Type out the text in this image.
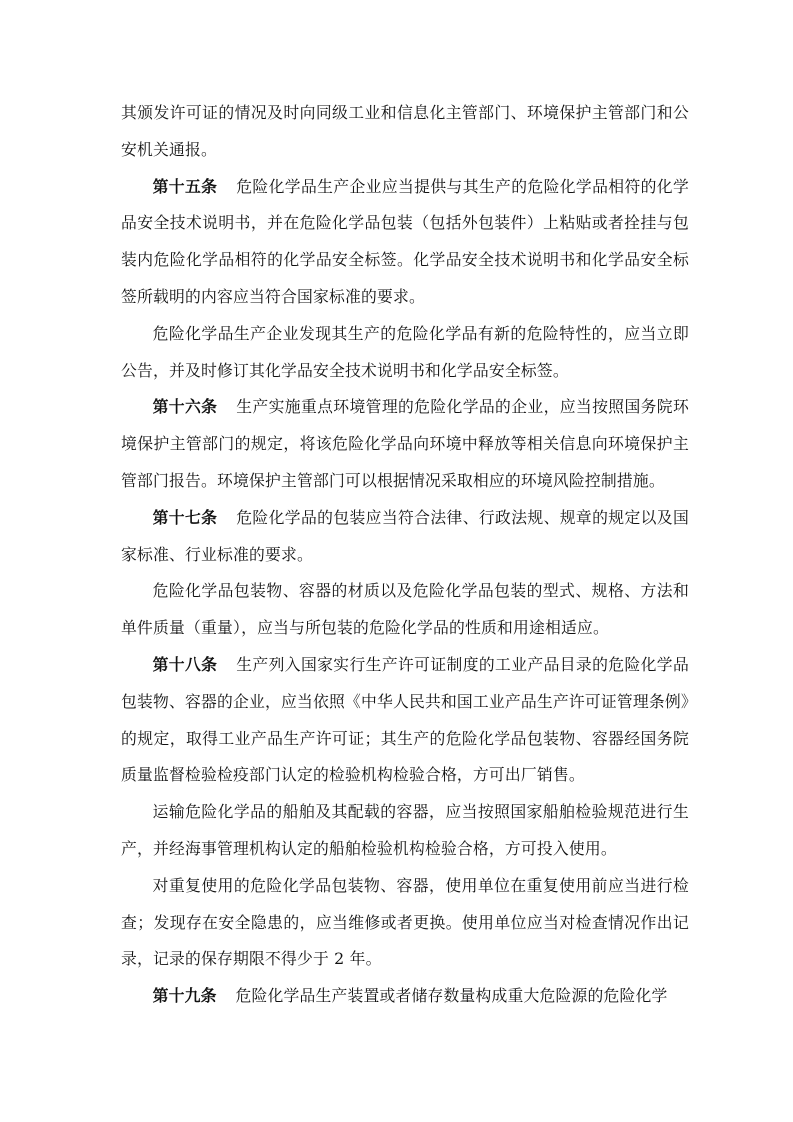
其颁发许可证的情况及时向同级工业和信息化主管部门、环境保护主管部门和公安机关通报。

第十五条 危险化学品生产企业应当提供与其生产的危险化学品相符的化学品安全技术说明书，并在危险化学品包装（包括外包装件）上粘贴或者拴挂与包装内危险化学品相符的化学品安全标签。化学品安全技术说明书和化学品安全标签所载明的内容应当符合国家标准的要求。

危险化学品生产企业发现其生产的危险化学品有新的危险特性的，应当立即公告，并及时修订其化学品安全技术说明书和化学品安全标签。

第十六条 生产实施重点环境管理的危险化学品的企业，应当按照国务院环境保护主管部门的规定，将该危险化学品向环境中释放等相关信息向环境保护主管部门报告。环境保护主管部门可以根据情况采取相应的环境风险控制措施。

第十七条 危险化学品的包装应当符合法律、行政法规、规章的规定以及国家标准、行业标准的要求。

危险化学品包装物、容器的材质以及危险化学品包装的型式、规格、方法和单件质量（重量），应当与所包装的危险化学品的性质和用途相适应。

第十八条 生产列入国家实行生产许可证制度的工业产品目录的危险化学品包装物、容器的企业，应当依照《中华人民共和国工业产品生产许可证管理条例》的规定，取得工业产品生产许可证；其生产的危险化学品包装物、容器经国务院质量监督检验检疫部门认定的检验机构检验合格，方可出厂销售。

运输危险化学品的船舶及其配载的容器，应当按照国家船舶检验规范进行生产，并经海事管理机构认定的船舶检验机构检验合格，方可投入使用。

对重复使用的危险化学品包装物、容器，使用单位在重复使用前应当进行检查；发现存在安全隐患的，应当维修或者更换。使用单位应当对检查情况作出记录，记录的保存期限不得少于 2 年。

第十九条 危险化学品生产装置或者储存数量构成重大危险源的危险化学
